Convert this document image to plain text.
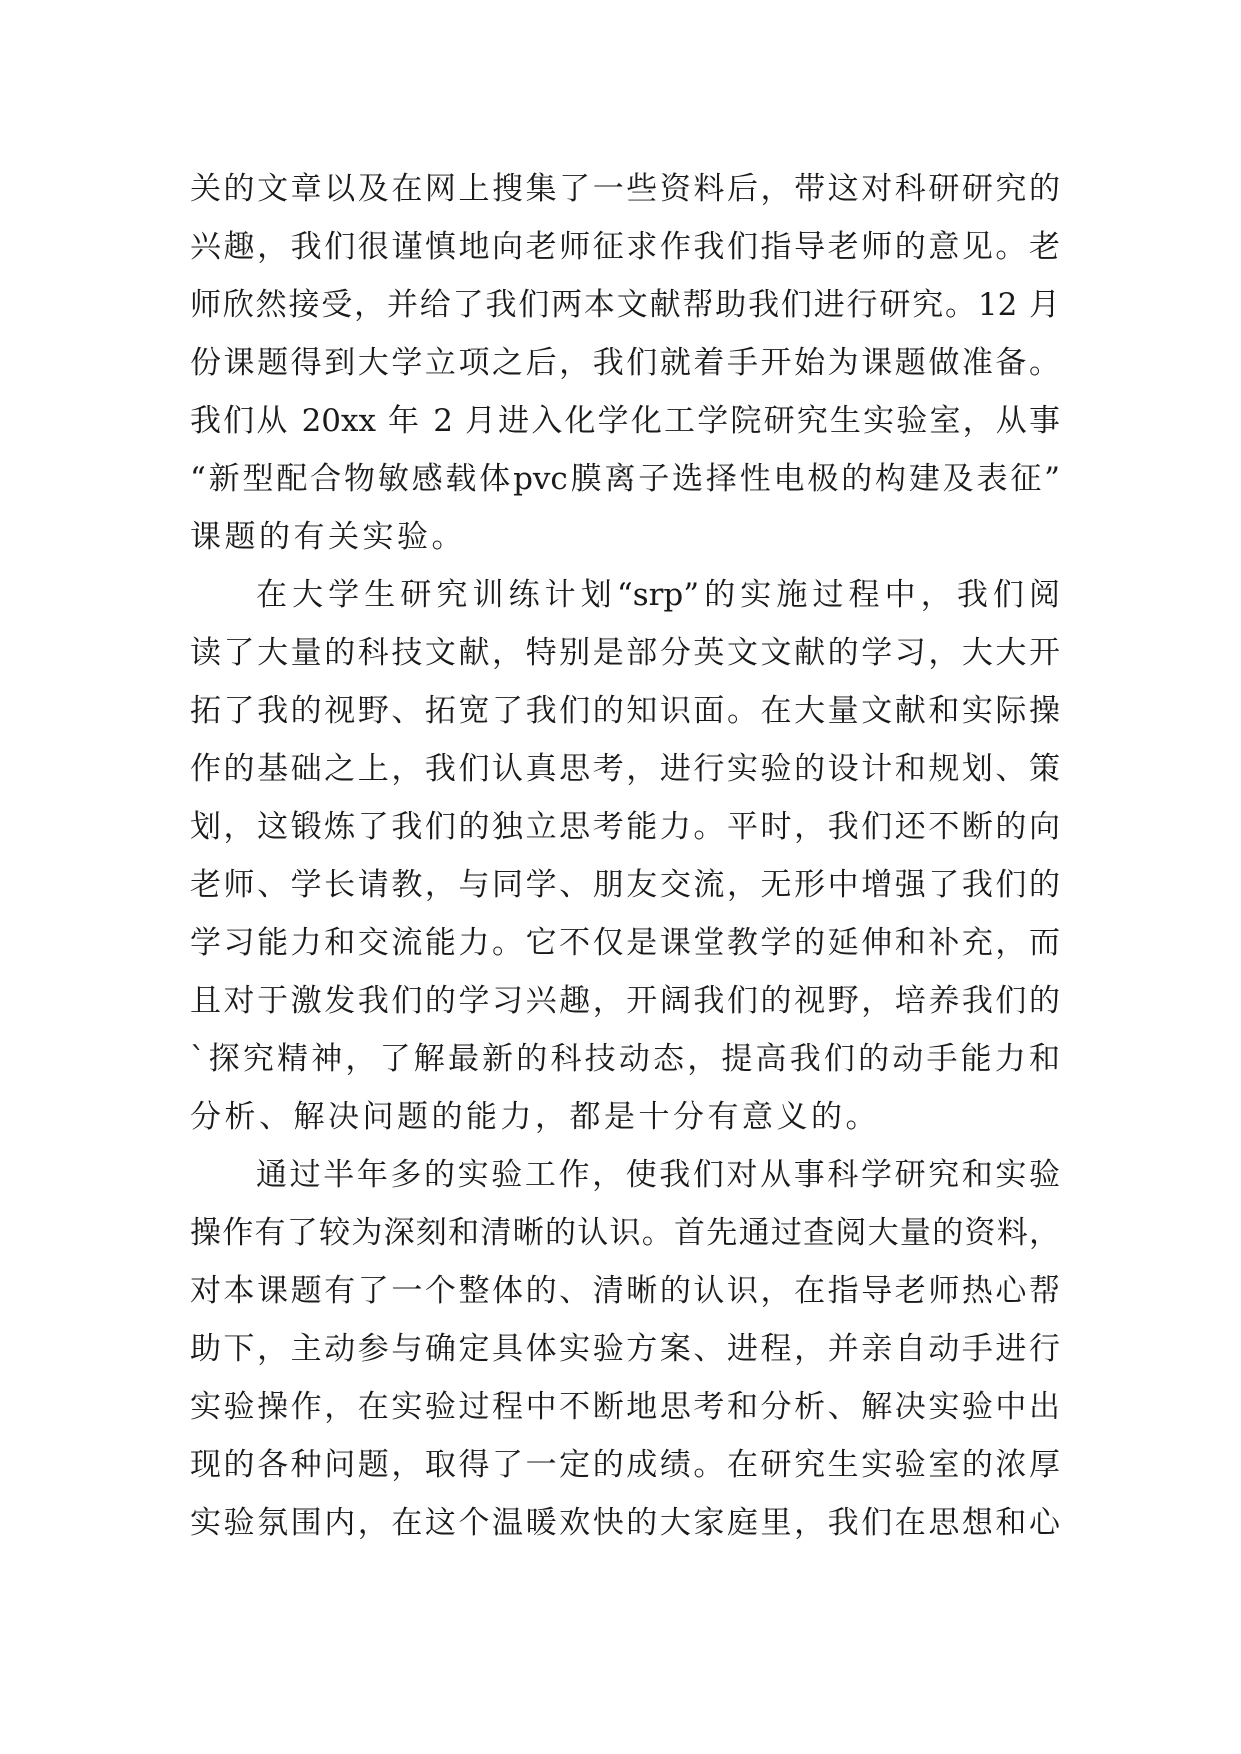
关的文章以及在网上搜集了一些资料后，带这对科研研究的
兴趣，我们很谨慎地向老师征求作我们指导老师的意见。老
师欣然接受，并给了我们两本文献帮助我们进行研究。12 月
份课题得到大学立项之后，我们就着手开始为课题做准备。
我们从 20xx 年 2 月进入化学化工学院研究生实验室，从事
“新型配合物敏感载体pvc膜离子选择性电极的构建及表征”
课题的有关实验。
在大学生研究训练计划“srp”的实施过程中，我们阅
读了大量的科技文献，特别是部分英文文献的学习，大大开
拓了我的视野、拓宽了我们的知识面。在大量文献和实际操
作的基础之上，我们认真思考，进行实验的设计和规划、策
划，这锻炼了我们的独立思考能力。平时，我们还不断的向
老师、学长请教，与同学、朋友交流，无形中增强了我们的
学习能力和交流能力。它不仅是课堂教学的延伸和补充，而
且对于激发我们的学习兴趣，开阔我们的视野，培养我们的
`探究精神，了解最新的科技动态，提高我们的动手能力和
分析、解决问题的能力，都是十分有意义的。
通过半年多的实验工作，使我们对从事科学研究和实验
操作有了较为深刻和清晰的认识。首先通过查阅大量的资料，
对本课题有了一个整体的、清晰的认识，在指导老师热心帮
助下，主动参与确定具体实验方案、进程，并亲自动手进行
实验操作，在实验过程中不断地思考和分析、解决实验中出
现的各种问题，取得了一定的成绩。在研究生实验室的浓厚
实验氛围内，在这个温暖欢快的大家庭里，我们在思想和心
